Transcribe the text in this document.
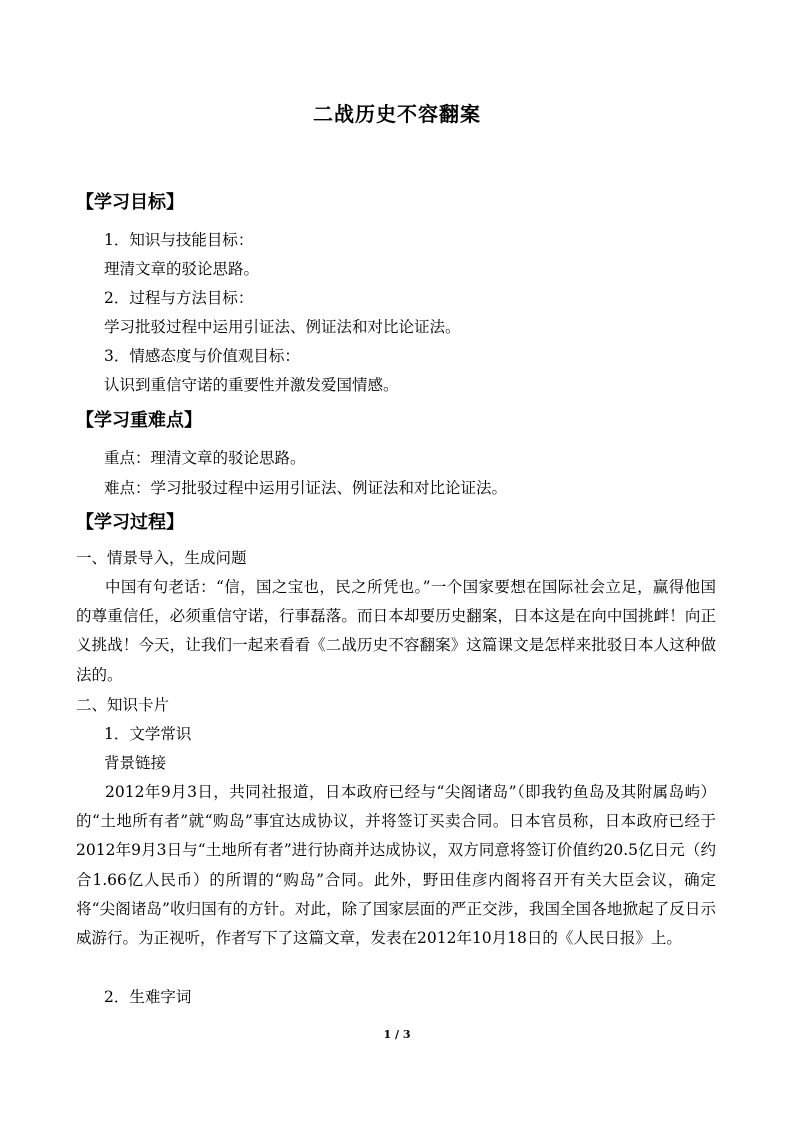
二战历史不容翻案
【学习目标】
1．知识与技能目标：
理清文章的驳论思路。
2．过程与方法目标：
学习批驳过程中运用引证法、例证法和对比论证法。
3．情感态度与价值观目标：
认识到重信守诺的重要性并激发爱国情感。
【学习重难点】
重点：理清文章的驳论思路。
难点：学习批驳过程中运用引证法、例证法和对比论证法。
【学习过程】
一、情景导入，生成问题
中国有句老话：“信，国之宝也，民之所凭也。”一个国家要想在国际社会立足，赢得他国的尊重信任，必须重信守诺，行事磊落。而日本却要历史翻案，日本这是在向中国挑衅！向正义挑战！今天，让我们一起来看看《二战历史不容翻案》这篇课文是怎样来批驳日本人这种做法的。
二、知识卡片
1．文学常识
背景链接
2012年9月3日，共同社报道，日本政府已经与“尖阁诸岛”（即我钓鱼岛及其附属岛屿）的“土地所有者”就“购岛”事宜达成协议，并将签订买卖合同。日本官员称，日本政府已经于2012年9月3日与“土地所有者”进行协商并达成协议，双方同意将签订价值约20.5亿日元（约合1.66亿人民币）的所谓的“购岛”合同。此外，野田佳彦内阁将召开有关大臣会议，确定将“尖阁诸岛”收归国有的方针。对此，除了国家层面的严正交涉，我国全国各地掀起了反日示威游行。为正视听，作者写下了这篇文章，发表在2012年10月18日的《人民日报》上。
2．生难字词
1 / 3
